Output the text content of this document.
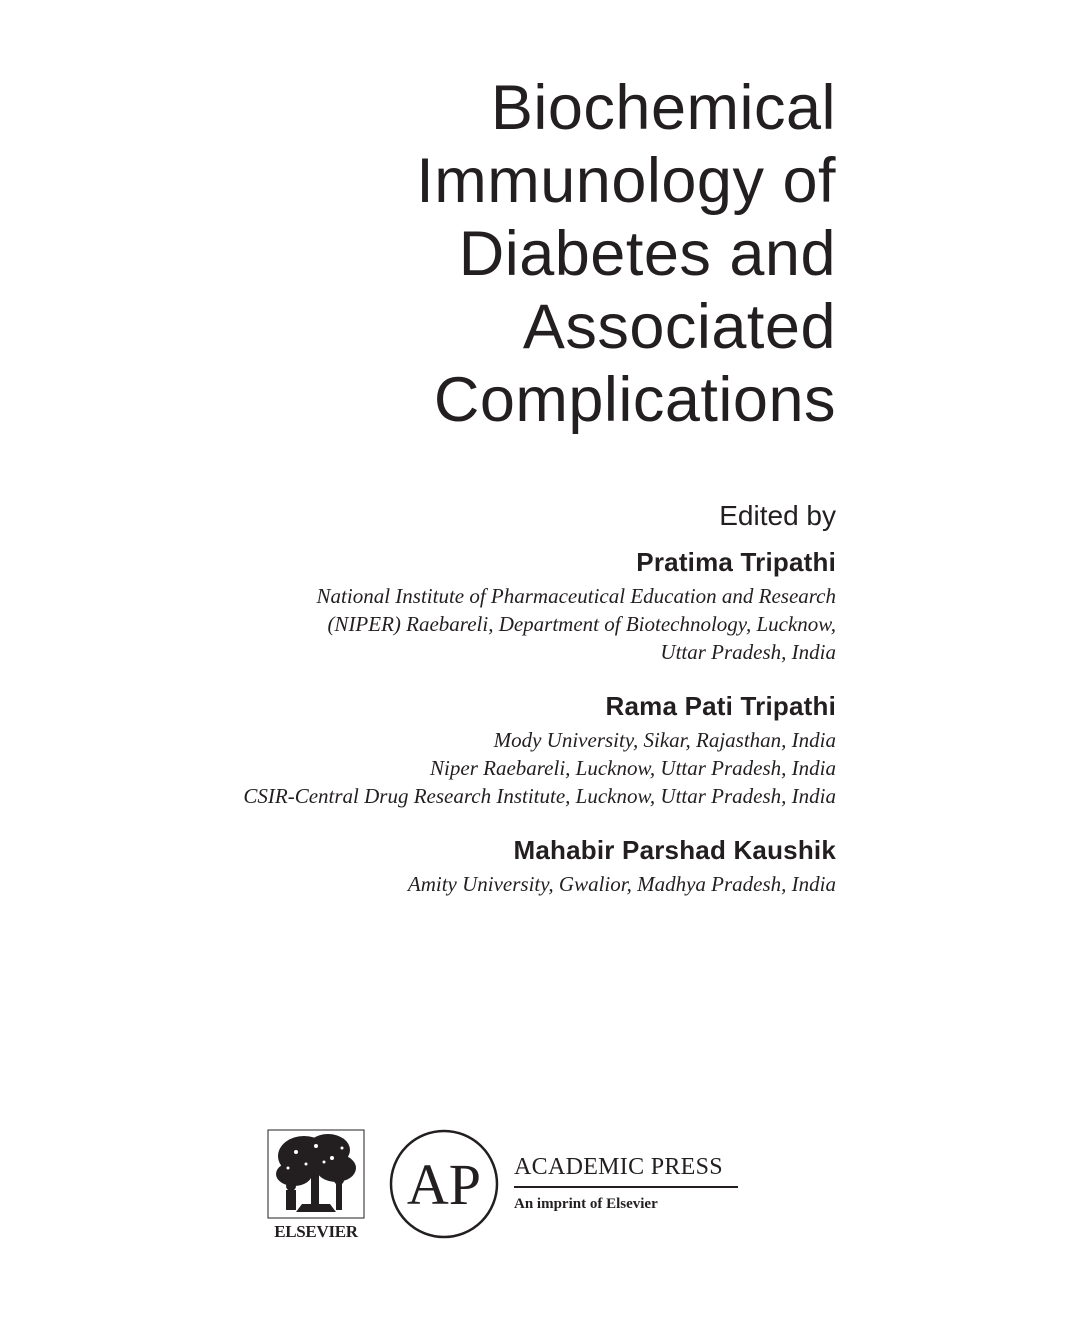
Biochemical
Immunology of
Diabetes and
Associated
Complications
Edited by
Pratima Tripathi
National Institute of Pharmaceutical Education and Research
(NIPER) Raebareli, Department of Biotechnology, Lucknow,
Uttar Pradesh, India
Rama Pati Tripathi
Mody University, Sikar, Rajasthan, India
Niper Raebareli, Lucknow, Uttar Pradesh, India
CSIR-Central Drug Research Institute, Lucknow, Uttar Pradesh, India
Mahabir Parshad Kaushik
Amity University, Gwalior, Madhya Pradesh, India
ELSEVIER
AP ACADEMIC PRESS
An imprint of Elsevier
